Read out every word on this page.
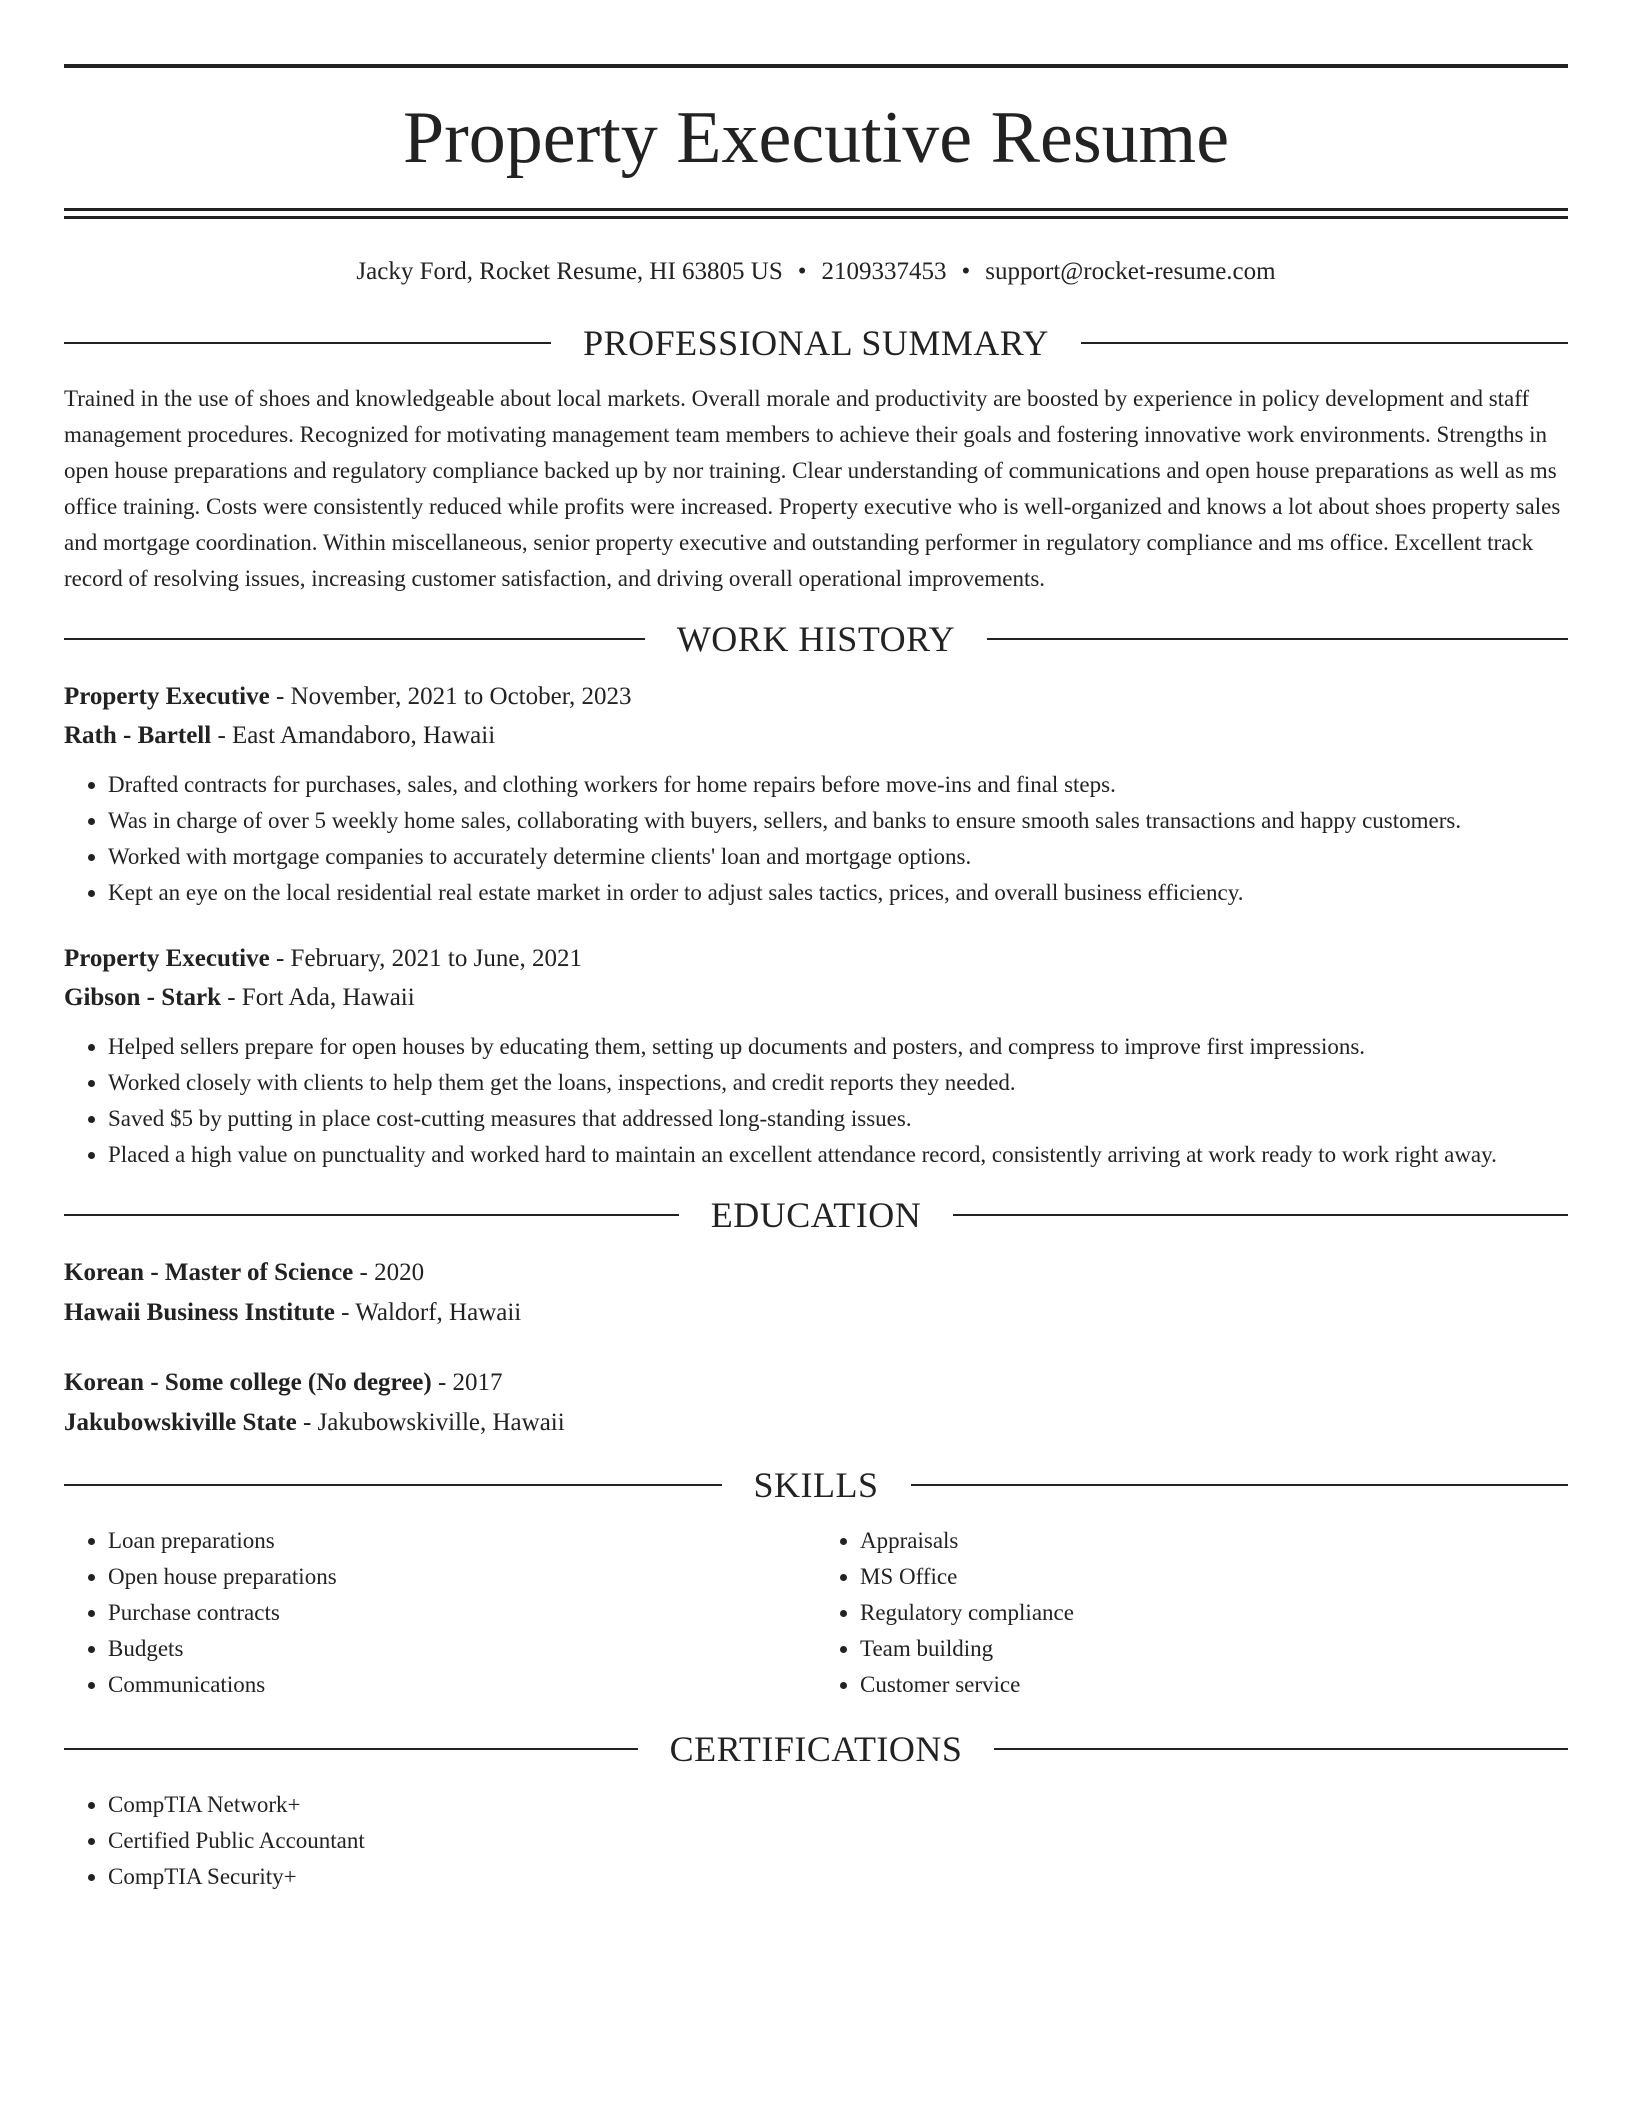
Property Executive Resume
Jacky Ford, Rocket Resume, HI 63805 US • 2109337453 • support@rocket-resume.com
PROFESSIONAL SUMMARY

Trained in the use of shoes and knowledgeable about local markets. Overall morale and productivity are boosted by experience in policy development and staff management procedures. Recognized for motivating management team members to achieve their goals and fostering innovative work environments. Strengths in open house preparations and regulatory compliance backed up by nor training. Clear understanding of communications and open house preparations as well as ms office training. Costs were consistently reduced while profits were increased. Property executive who is well-organized and knows a lot about shoes property sales and mortgage coordination. Within miscellaneous, senior property executive and outstanding performer in regulatory compliance and ms office. Excellent track record of resolving issues, increasing customer satisfaction, and driving overall operational improvements.

WORK HISTORY
Property Executive - November, 2021 to October, 2023
Rath - Bartell - East Amandaboro, Hawaii
• Drafted contracts for purchases, sales, and clothing workers for home repairs before move-ins and final steps.
• Was in charge of over 5 weekly home sales, collaborating with buyers, sellers, and banks to ensure smooth sales transactions and happy customers.
• Worked with mortgage companies to accurately determine clients' loan and mortgage options.
• Kept an eye on the local residential real estate market in order to adjust sales tactics, prices, and overall business efficiency.
Property Executive - February, 2021 to June, 2021
Gibson - Stark - Fort Ada, Hawaii
• Helped sellers prepare for open houses by educating them, setting up documents and posters, and compress to improve first impressions.
• Worked closely with clients to help them get the loans, inspections, and credit reports they needed.
• Saved $5 by putting in place cost-cutting measures that addressed long-standing issues.
• Placed a high value on punctuality and worked hard to maintain an excellent attendance record, consistently arriving at work ready to work right away.
EDUCATION
Korean - Master of Science - 2020
Hawaii Business Institute - Waldorf, Hawaii
Korean - Some college (No degree) - 2017
Jakubowskiville State - Jakubowskiville, Hawaii
SKILLS
• Loan preparations
• Open house preparations
• Purchase contracts
• Budgets
• Communications
• Appraisals
• MS Office
• Regulatory compliance
• Team building
• Customer service
CERTIFICATIONS
• CompTIA Network+
• Certified Public Accountant
• CompTIA Security+
